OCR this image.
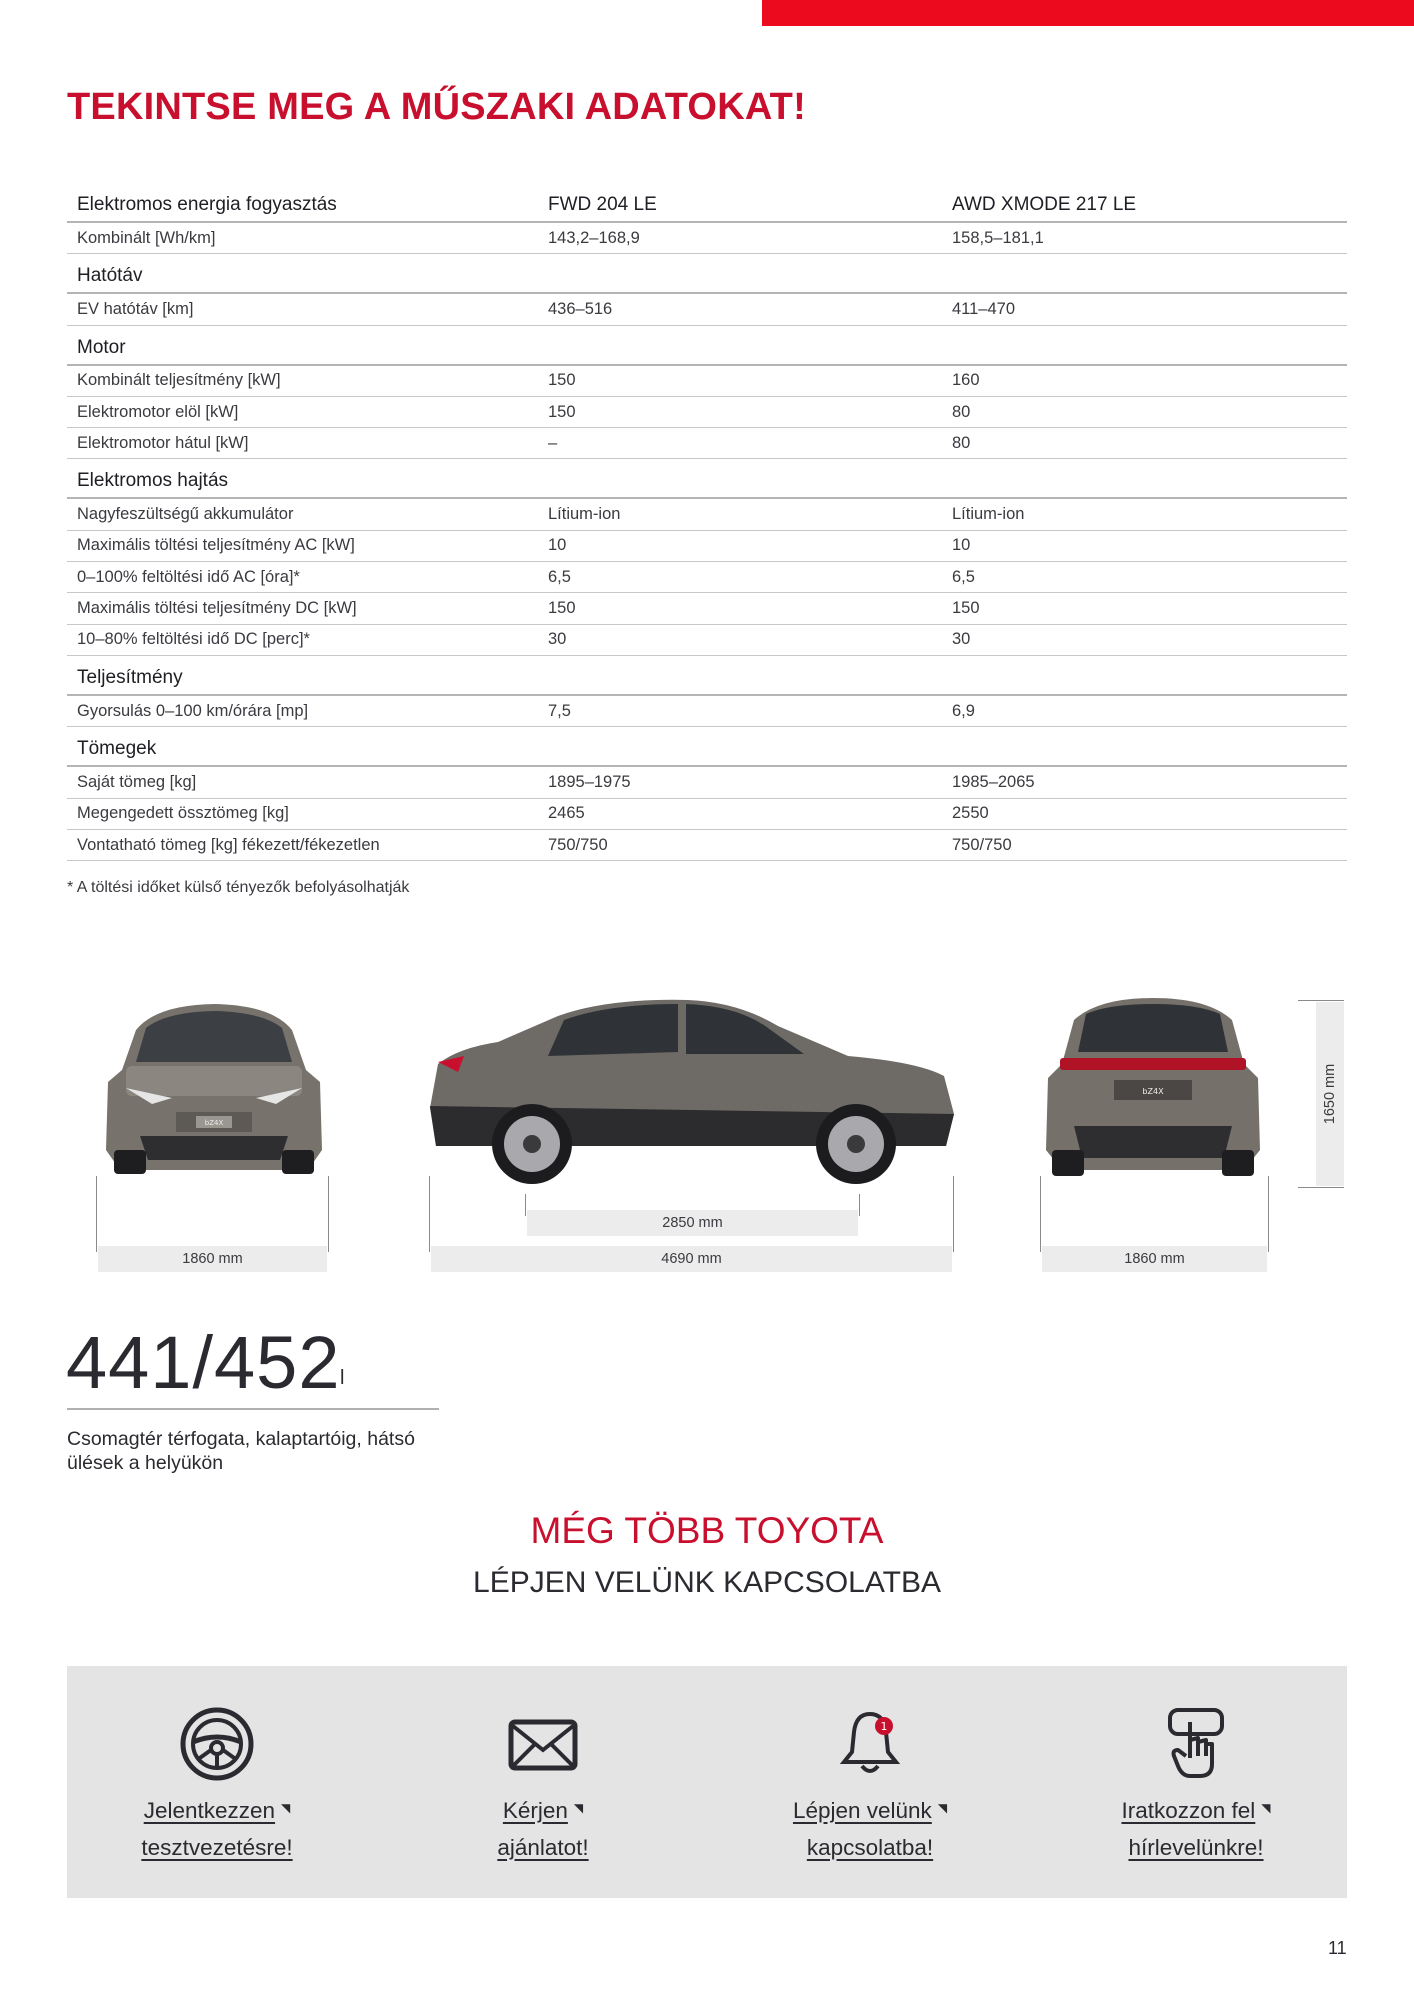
TEKINTSE MEG A MŰSZAKI ADATOKAT!
Elektromos energia fogyasztás	FWD 204 LE	AWD XMODE 217 LE
Kombinált [Wh/km]	143,2–168,9	158,5–181,1
Hatótáv
EV hatótáv [km]	436–516	411–470
Motor
Kombinált teljesítmény [kW]	150	160
Elektromotor elöl [kW]	150	80
Elektromotor hátul [kW]	–	80
Elektromos hajtás
Nagyfeszültségű akkumulátor	Lítium-ion	Lítium-ion
Maximális töltési teljesítmény AC [kW]	10	10
0–100% feltöltési idő AC [óra]*	6,5	6,5
Maximális töltési teljesítmény DC [kW]	150	150
10–80% feltöltési idő DC [perc]*	30	30
Teljesítmény
Gyorsulás 0–100 km/órára [mp]	7,5	6,9
Tömegek
Saját tömeg [kg]	1895–1975	1985–2065
Megengedett össztömeg [kg]	2465	2550
Vontatható tömeg [kg] fékezett/fékezetlen	750/750	750/750
* A töltési időket külső tényezők befolyásolhatják
bZ4X
bZ4X
1860 mm
2850 mm
4690 mm	1860 mm
1650 mm
441/452 l
Csomagtér térfogata, kalaptartóig, hátsó ülések a helyükön
MÉG TÖBB TOYOTA
LÉPJEN VELÜNK KAPCSOLATBA
Jelentkezzen ◥
tesztvezetésre!
Kérjen ◥
ajánlatot!
1
Lépjen velünk ◥
kapcsolatba!
Iratkozzon fel ◥
hírlevelünkre!
11
